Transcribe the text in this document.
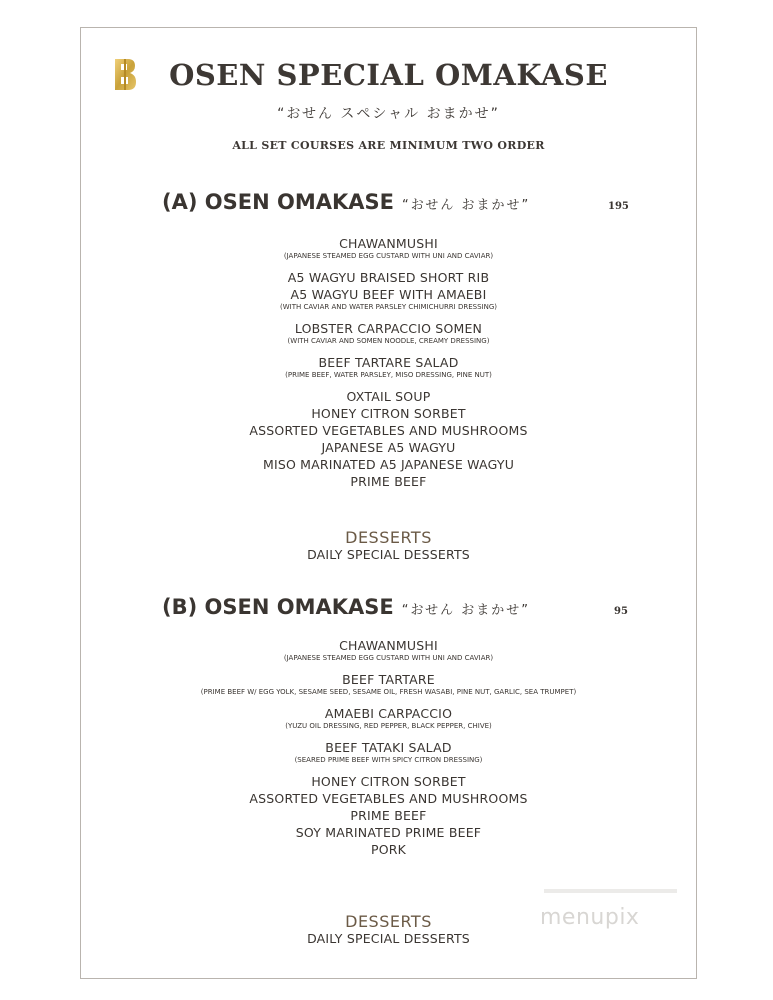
OSEN SPECIAL OMAKASE
“おせん スペシャル おまかせ”
ALL SET COURSES ARE MINIMUM TWO ORDER
(A) OSEN OMAKASE “おせん おまかせ”	195
CHAWANMUSHI
(JAPANESE STEAMED EGG CUSTARD WITH UNI AND CAVIAR)
A5 WAGYU BRAISED SHORT RIB
A5 WAGYU BEEF WITH AMAEBI
(WITH CAVIAR AND WATER PARSLEY CHIMICHURRI DRESSING)
LOBSTER CARPACCIO SOMEN
(WITH CAVIAR AND SOMEN NOODLE, CREAMY DRESSING)
BEEF TARTARE SALAD
(PRIME BEEF, WATER PARSLEY, MISO DRESSING, PINE NUT)
OXTAIL SOUP
HONEY CITRON SORBET
ASSORTED VEGETABLES AND MUSHROOMS
JAPANESE A5 WAGYU
MISO MARINATED A5 JAPANESE WAGYU
PRIME BEEF
DESSERTS
DAILY SPECIAL DESSERTS
(B) OSEN OMAKASE “おせん おまかせ”	95
CHAWANMUSHI
(JAPANESE STEAMED EGG CUSTARD WITH UNI AND CAVIAR)
BEEF TARTARE
(PRIME BEEF W/ EGG YOLK, SESAME SEED, SESAME OIL, FRESH WASABI, PINE NUT, GARLIC, SEA TRUMPET)
AMAEBI CARPACCIO
(YUZU OIL DRESSING, RED PEPPER, BLACK PEPPER, CHIVE)
BEEF TATAKI SALAD
(SEARED PRIME BEEF WITH SPICY CITRON DRESSING)
HONEY CITRON SORBET
ASSORTED VEGETABLES AND MUSHROOMS
PRIME BEEF
SOY MARINATED PRIME BEEF
PORK
DESSERTS
DAILY SPECIAL DESSERTS
menupix
